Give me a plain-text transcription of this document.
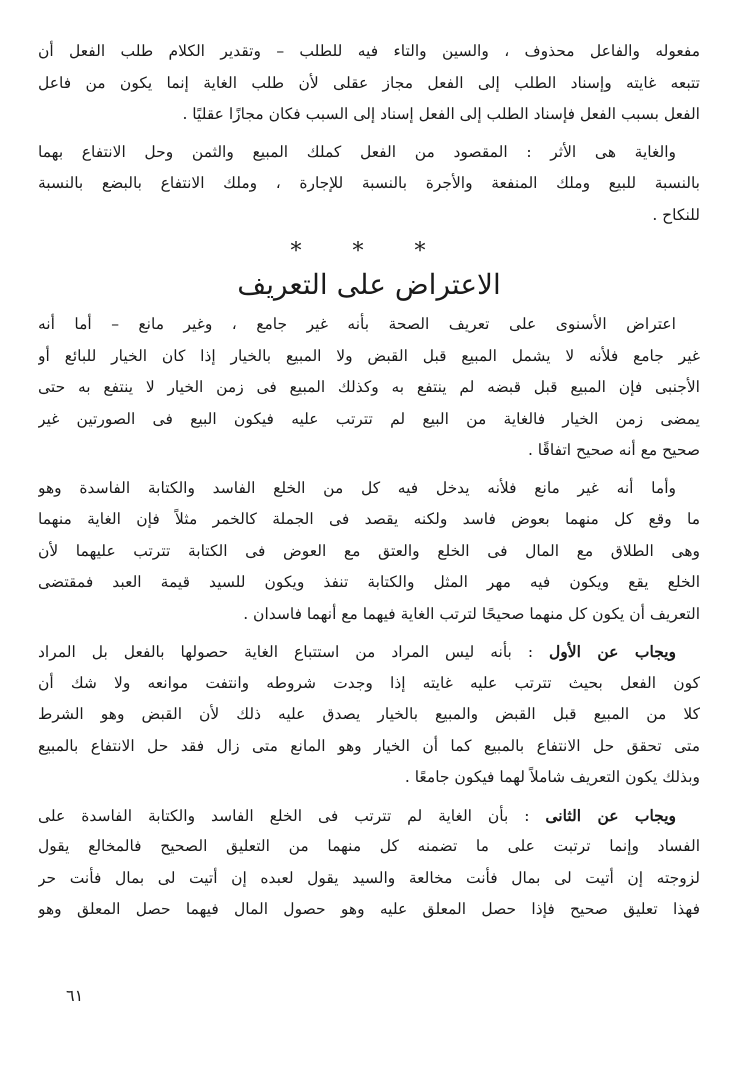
مفعوله والفاعل محذوف ، والسين والتاء فيه للطلب – وتقدير الكلام طلب الفعل أن
تتبعه غايته وإسناد الطلب إلى الفعل مجاز عقلى لأن طلب الغاية إنما يكون من فاعل
الفعل بسبب الفعل فإسناد الطلب إلى الفعل إسناد إلى السبب فكان مجازًا عقليًا .
والغاية هى الأثر : المقصود من الفعل كملك المبيع والثمن وحل الانتفاع بهما
بالنسبة للبيع وملك المنفعة والأجرة بالنسبة للإجارة ، وملك الانتفاع بالبضع بالنسبة
للنكاح .
* * *
الاعتراض على التعريف
اعتراض الأسنوى على تعريف الصحة بأنه غير جامع ، وغير مانع – أما أنه
غير جامع فلأنه لا يشمل المبيع قبل القبض ولا المبيع بالخيار إذا كان الخيار للبائع أو
الأجنبى فإن المبيع قبل قبضه لم ينتفع به وكذلك المبيع فى زمن الخيار لا ينتفع به حتى
يمضى زمن الخيار فالغاية من البيع لم تترتب عليه فيكون البيع فى الصورتين غير
صحيح مع أنه صحيح اتفاقًا .
وأما أنه غير مانع فلأنه يدخل فيه كل من الخلع الفاسد والكتابة الفاسدة وهو
ما وقع كل منهما بعوض فاسد ولكنه يقصد فى الجملة كالخمر مثلاً فإن الغاية منهما
وهى الطلاق مع المال فى الخلع والعتق مع العوض فى الكتابة تترتب عليهما لأن
الخلع يقع ويكون فيه مهر المثل والكتابة تنفذ ويكون للسيد قيمة العبد فمقتضى
التعريف أن يكون كل منهما صحيحًا لترتب الغاية فيهما مع أنهما فاسدان .
ويجاب عن الأول : بأنه ليس المراد من استتباع الغاية حصولها بالفعل بل المراد
كون الفعل بحيث تترتب عليه غايته إذا وجدت شروطه وانتفت موانعه ولا شك أن
كلا من المبيع قبل القبض والمبيع بالخيار يصدق عليه ذلك لأن القبض وهو الشرط
متى تحقق حل الانتفاع بالمبيع كما أن الخيار وهو المانع متى زال فقد حل الانتفاع بالمبيع
وبذلك يكون التعريف شاملاً لهما فيكون جامعًا .
ويجاب عن الثانى : بأن الغاية لم تترتب فى الخلع الفاسد والكتابة الفاسدة على
الفساد وإنما ترتبت على ما تضمنه كل منهما من التعليق الصحيح فالمخالع يقول
لزوجته إن أتيت لى بمال فأنت مخالعة والسيد يقول لعبده إن أتيت لى بمال فأنت حر
فهذا تعليق صحيح فإذا حصل المعلق عليه وهو حصول المال فيهما حصل المعلق وهو
٦١
